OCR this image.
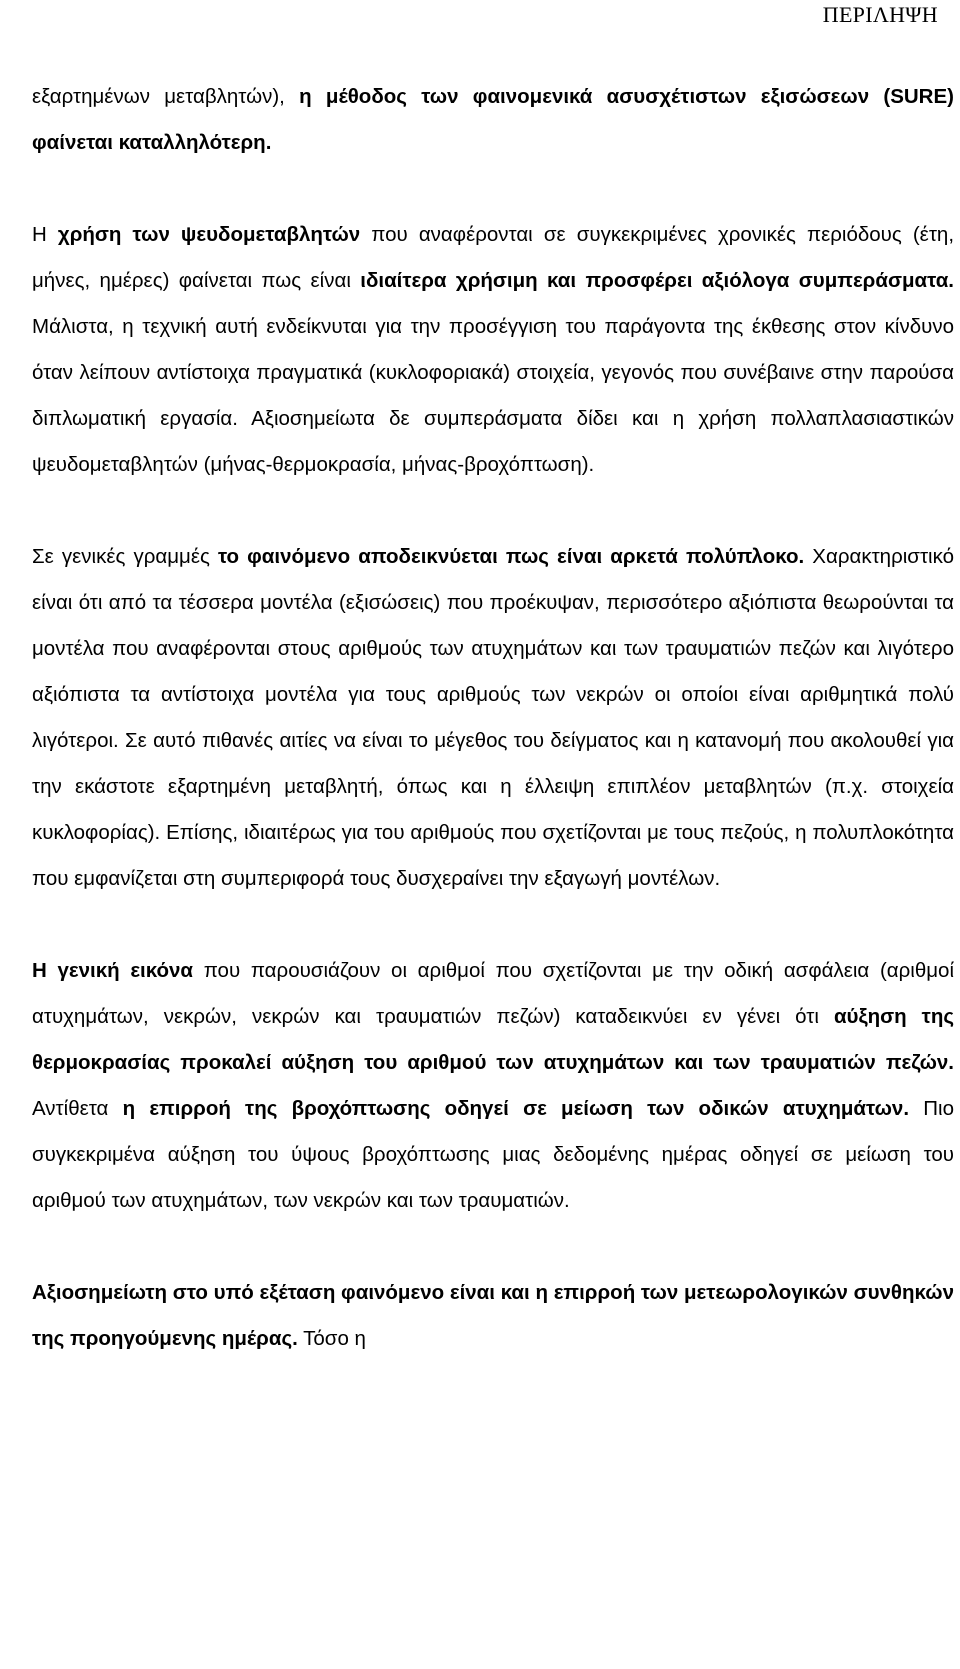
ΠΕΡΙΛΗΨΗ

εξαρτημένων μεταβλητών), η μέθοδος των φαινομενικά ασυσχέτιστων εξισώσεων (SURE) φαίνεται καταλληλότερη.

Η χρήση των ψευδομεταβλητών που αναφέρονται σε συγκεκριμένες χρονικές περιόδους (έτη, μήνες, ημέρες) φαίνεται πως είναι ιδιαίτερα χρήσιμη και προσφέρει αξιόλογα συμπεράσματα. Μάλιστα, η τεχνική αυτή ενδείκνυται για την προσέγγιση του παράγοντα της έκθεσης στον κίνδυνο όταν λείπουν αντίστοιχα πραγματικά (κυκλοφοριακά) στοιχεία, γεγονός που συνέβαινε στην παρούσα διπλωματική εργασία. Αξιοσημείωτα δε συμπεράσματα δίδει και η χρήση πολλαπλασιαστικών ψευδομεταβλητών (μήνας-θερμοκρασία, μήνας-βροχόπτωση).

Σε γενικές γραμμές το φαινόμενο αποδεικνύεται πως είναι αρκετά πολύπλοκο. Χαρακτηριστικό είναι ότι από τα τέσσερα μοντέλα (εξισώσεις) που προέκυψαν, περισσότερο αξιόπιστα θεωρούνται τα μοντέλα που αναφέρονται στους αριθμούς των ατυχημάτων και των τραυματιών πεζών και λιγότερο αξιόπιστα τα αντίστοιχα μοντέλα για τους αριθμούς των νεκρών οι οποίοι είναι αριθμητικά πολύ λιγότεροι. Σε αυτό πιθανές αιτίες να είναι το μέγεθος του δείγματος και η κατανομή που ακολουθεί για την εκάστοτε εξαρτημένη μεταβλητή, όπως και η έλλειψη επιπλέον μεταβλητών (π.χ. στοιχεία κυκλοφορίας). Επίσης, ιδιαιτέρως για του αριθμούς που σχετίζονται με τους πεζούς, η πολυπλοκότητα που εμφανίζεται στη συμπεριφορά τους δυσχεραίνει την εξαγωγή μοντέλων.

Η γενική εικόνα που παρουσιάζουν οι αριθμοί που σχετίζονται με την οδική ασφάλεια (αριθμοί ατυχημάτων, νεκρών, νεκρών και τραυματιών πεζών) καταδεικνύει εν γένει ότι αύξηση της θερμοκρασίας προκαλεί αύξηση του αριθμού των ατυχημάτων και των τραυματιών πεζών. Αντίθετα η επιρροή της βροχόπτωσης οδηγεί σε μείωση των οδικών ατυχημάτων. Πιο συγκεκριμένα αύξηση του ύψους βροχόπτωσης μιας δεδομένης ημέρας οδηγεί σε μείωση του αριθμού των ατυχημάτων, των νεκρών και των τραυματιών.

Αξιοσημείωτη στο υπό εξέταση φαινόμενο είναι και η επιρροή των μετεωρολογικών συνθηκών της προηγούμενης ημέρας. Τόσο η
